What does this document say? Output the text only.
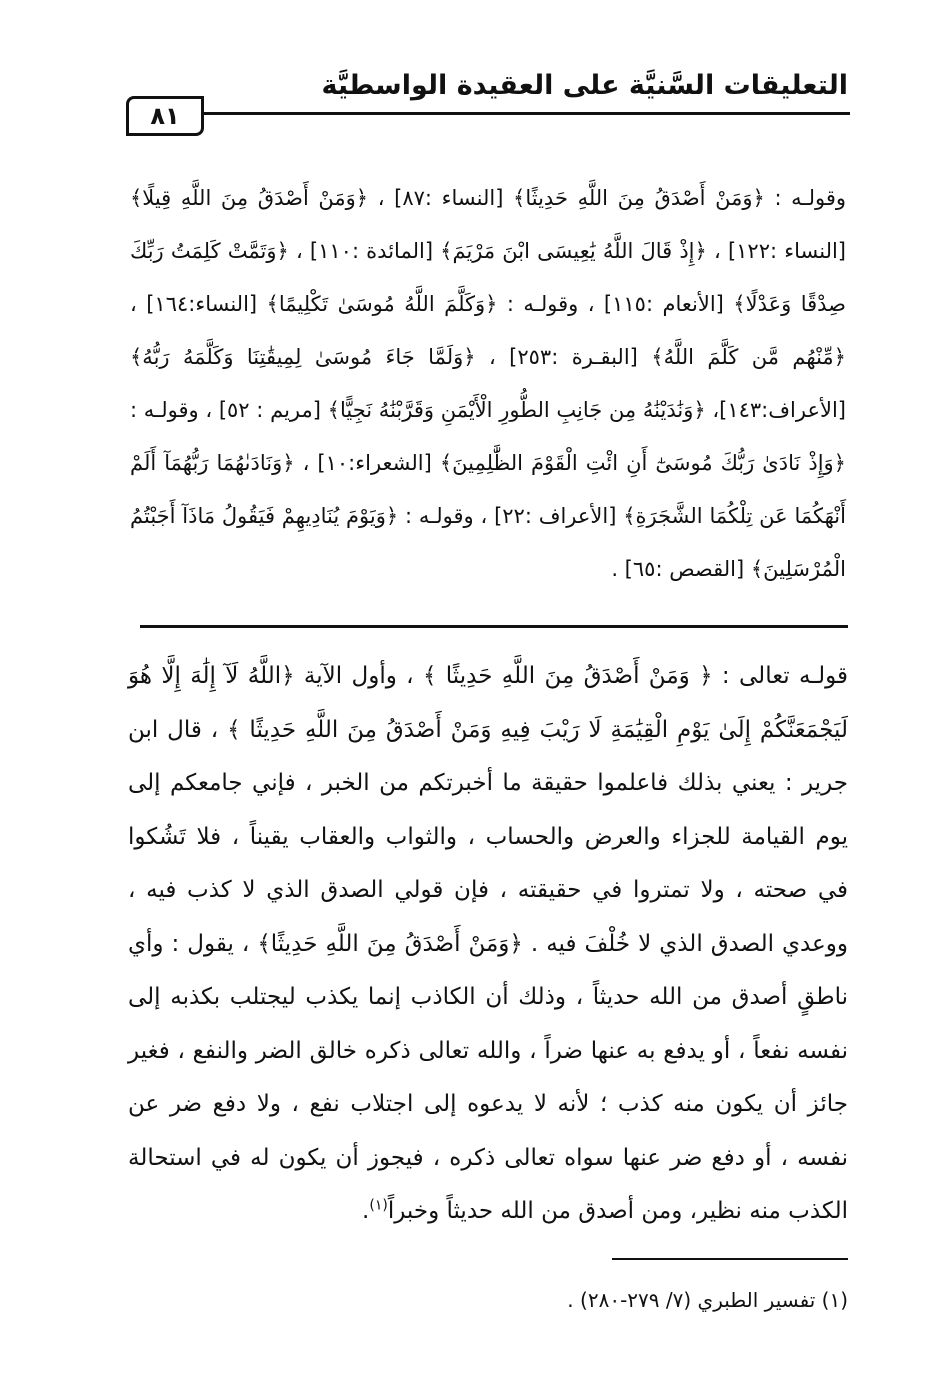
التعليقات السَّنيَّة على العقيدة الواسطيَّة
٨١
وقولـه : ﴿وَمَنْ أَصْدَقُ مِنَ اللَّهِ حَدِيثًا﴾ [النساء :٨٧] ، ﴿وَمَنْ أَصْدَقُ مِنَ اللَّهِ قِيلًا﴾ [النساء :١٢٢] ، ﴿إِذْ قَالَ اللَّهُ يَٰعِيسَى ابْنَ مَرْيَمَ﴾ [المائدة :١١٠] ، ﴿وَتَمَّتْ كَلِمَتُ رَبِّكَ صِدْقًا وَعَدْلًا﴾ [الأنعام :١١٥] ، وقولـه : ﴿وَكَلَّمَ اللَّهُ مُوسَىٰ تَكْلِيمًا﴾ [النساء:١٦٤] ، ﴿مِّنْهُم مَّن كَلَّمَ اللَّهُ﴾ [البقـرة :٢٥٣] ، ﴿وَلَمَّا جَاءَ مُوسَىٰ لِمِيقَٰتِنَا وَكَلَّمَهُ رَبُّهُ﴾ [الأعراف:١٤٣]، ﴿وَنَٰدَيْنَٰهُ مِن جَانِبِ الطُّورِ الْأَيْمَنِ وَقَرَّبْنَٰهُ نَجِيًّا﴾ [مريم : ٥٢] ، وقولـه : ﴿وَإِذْ نَادَىٰ رَبُّكَ مُوسَىٰٓ أَنِ ائْتِ الْقَوْمَ الظَّٰلِمِينَ﴾ [الشعراء:١٠] ، ﴿وَنَادَىٰهُمَا رَبُّهُمَآ أَلَمْ أَنْهَكُمَا عَن تِلْكُمَا الشَّجَرَةِ﴾ [الأعراف :٢٢] ، وقولـه : ﴿وَيَوْمَ يُنَادِيهِمْ فَيَقُولُ مَاذَآ أَجَبْتُمُ الْمُرْسَلِينَ﴾ [القصص :٦٥] .
قولـه تعالى : ﴿ وَمَنْ أَصْدَقُ مِنَ اللَّهِ حَدِيثًا ﴾ ، وأول الآية ﴿اللَّهُ لَآ إِلَٰهَ إِلَّا هُوَ لَيَجْمَعَنَّكُمْ إِلَىٰ يَوْمِ الْقِيَٰمَةِ لَا رَيْبَ فِيهِ وَمَنْ أَصْدَقُ مِنَ اللَّهِ حَدِيثًا ﴾ ، قال ابن جرير : يعني بذلك فاعلموا حقيقة ما أخبرتكم من الخبر ، فإني جامعكم إلى يوم القيامة للجزاء والعرض والحساب ، والثواب والعقاب يقيناً ، فلا تَشُكوا في صحته ، ولا تمتروا في حقيقته ، فإن قولي الصدق الذي لا كذب فيه ، ووعدي الصدق الذي لا خُلْفَ فيه . ﴿وَمَنْ أَصْدَقُ مِنَ اللَّهِ حَدِيثًا﴾ ، يقول : وأي ناطقٍ أصدق من الله حديثاً ، وذلك أن الكاذب إنما يكذب ليجتلب بكذبه إلى نفسه نفعاً ، أو يدفع به عنها ضراً ، والله تعالى ذكره خالق الضر والنفع ، فغير جائز أن يكون منه كذب ؛ لأنه لا يدعوه إلى اجتلاب نفع ، ولا دفع ضر عن نفسه ، أو دفع ضر عنها سواه تعالى ذكره ، فيجوز أن يكون له في استحالة الكذب منه نظير، ومن أصدق من الله حديثاً وخبراً$^{(١)}$.
(١) تفسير الطبري (٧/ ٢٧٩-٢٨٠) .
